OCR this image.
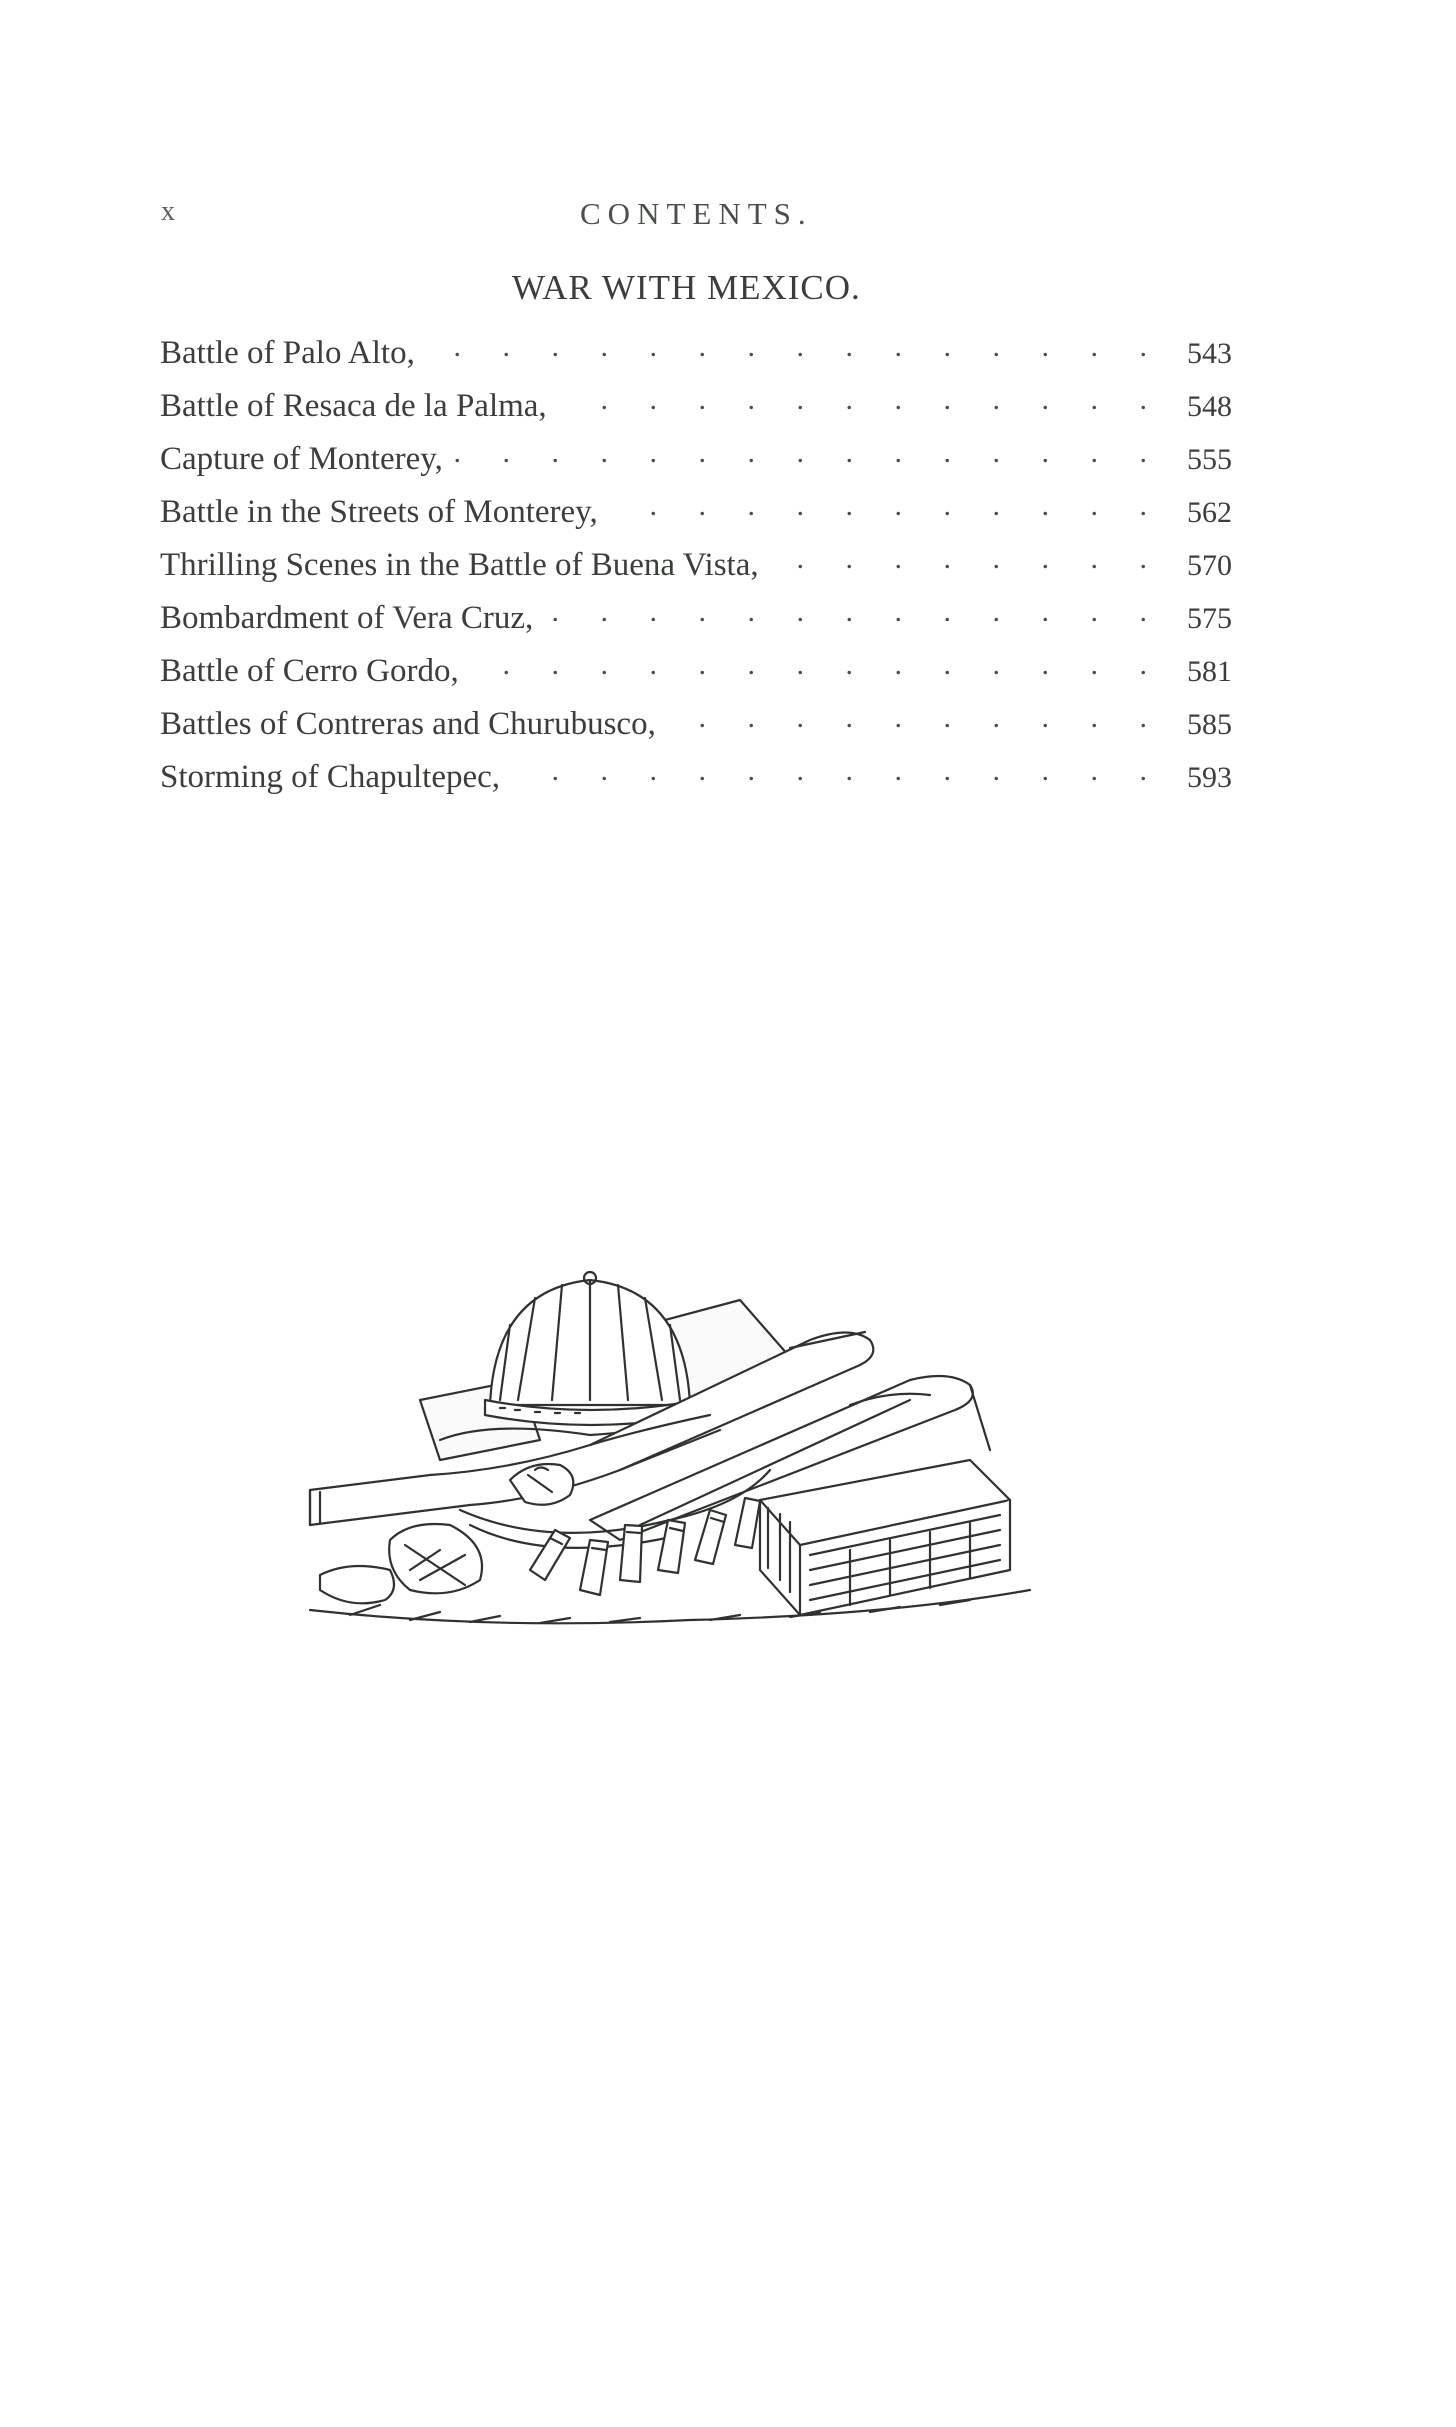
x	CONTENTS.
WAR WITH MEXICO.
Battle of Palo Alto, . . .	543
Battle of Resaca de la Palma, . . .	548
Capture of Monterey, . . .	555
Battle in the Streets of Monterey, . . .	562
Thrilling Scenes in the Battle of Buena Vista, . . .	570
Bombardment of Vera Cruz, . . .	575
Battle of Cerro Gordo, . . .	581
Battles of Contreras and Churubusco, . . .	585
Storming of Chapultepec, . . .	593
